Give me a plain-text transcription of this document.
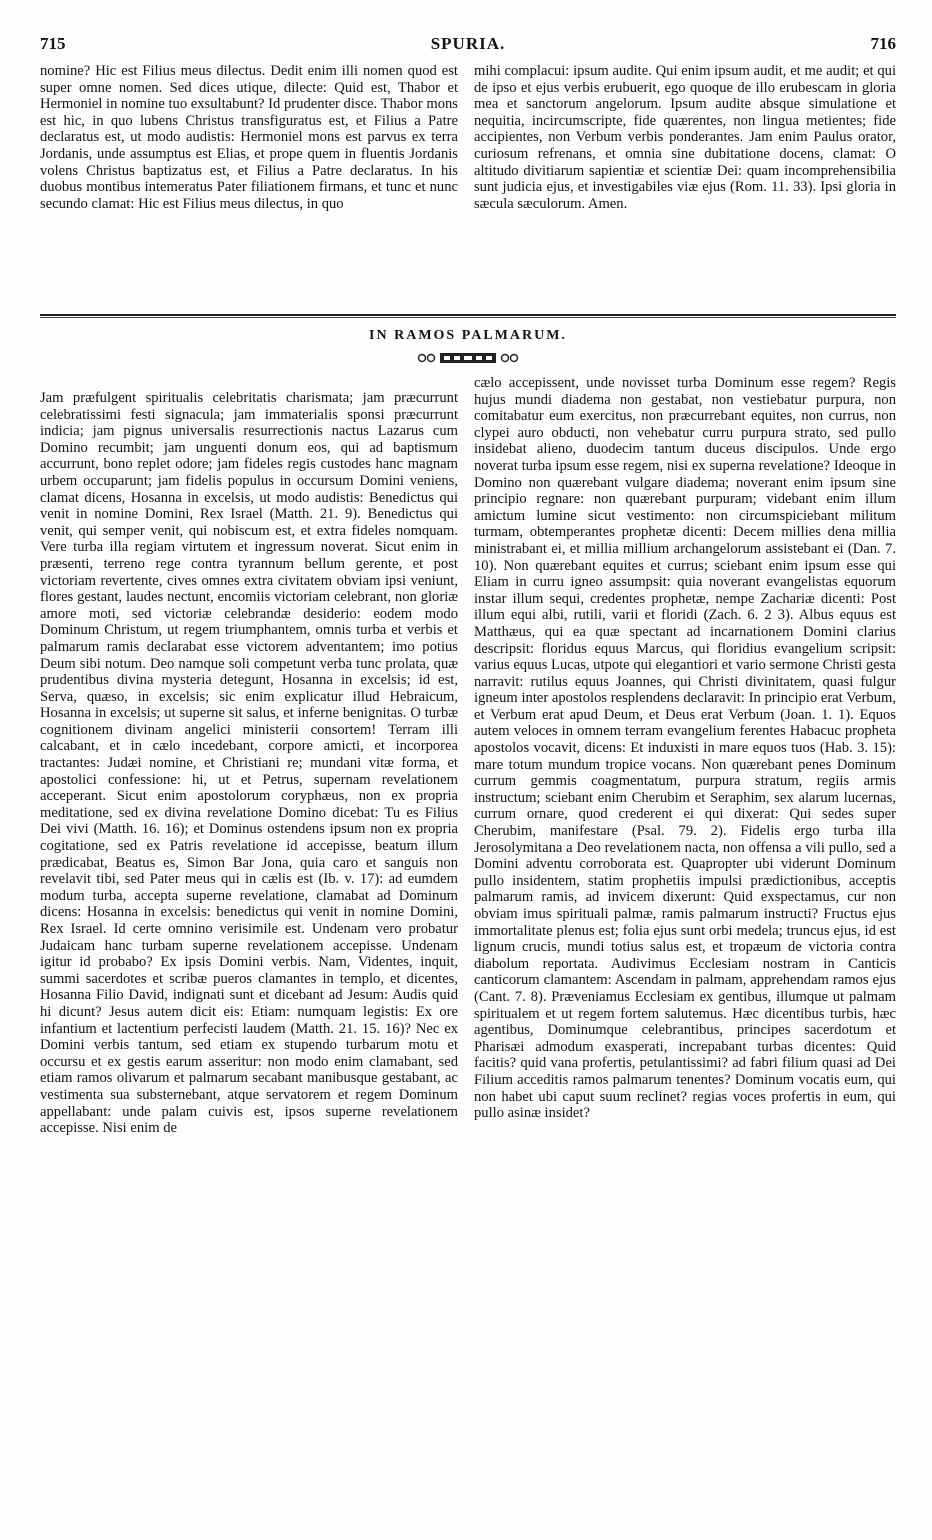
715	SPURIA.	716

nomine? Hic est Filius meus dilectus. Dedit enim illi nomen quod est super omne nomen. Sed dices utique, dilecte: Quid est, Thabor et Hermoniel in nomine tuo exsultabunt? Id prudenter disce. Thabor mons est hic, in quo lubens Christus transfiguratus est, et Filius a Patre declaratus est, ut modo audistis: Hermoniel mons est parvus ex terra Jordanis, unde assumptus est Elias, et prope quem in fluentis Jordanis volens Christus baptizatus est, et Filius a Patre declaratus. In his duobus montibus intemeratus Pater filiationem firmans, et tunc et nunc secundo clamat: Hic est Filius meus dilectus, in quo

mihi complacui: ipsum audite. Qui enim ipsum audit, et me audit; et qui de ipso et ejus verbis erubuerit, ego quoque de illo erubescam in gloria mea et sanctorum angelorum. Ipsum audite absque simulatione et nequitia, incircumscripte, fide quærentes, non lingua metientes; fide accipientes, non Verbum verbis ponderantes. Jam enim Paulus orator, curiosum refrenans, et omnia sine dubitatione docens, clamat: O altitudo divitiarum sapientiæ et scientiæ Dei: quam incomprehensibilia sunt judicia ejus, et investigabiles viæ ejus (Rom. 11. 33). Ipsi gloria in sæcula sæculorum. Amen.

IN RAMOS PALMARUM.

Jam præfulgent spiritualis celebritatis charismata; jam præcurrunt celebratissimi festi signacula; jam immaterialis sponsi præcurrunt indicia; jam pignus universalis resurrectionis nactus Lazarus cum Domino recumbit; jam unguenti donum eos, qui ad baptismum accurrunt, bono replet odore; jam fideles regis custodes hanc magnam urbem occuparunt; jam fidelis populus in occursum Domini veniens, clamat dicens, Hosanna in excelsis, ut modo audistis: Benedictus qui venit in nomine Domini, Rex Israel (Matth. 21. 9). Benedictus qui venit, qui semper venit, qui nobiscum est, et extra fideles nomquam. Vere turba illa regiam virtutem et ingressum noverat. Sicut enim in præsenti, terreno rege contra tyrannum bellum gerente, et post victoriam revertente, cives omnes extra civitatem obviam ipsi veniunt, flores gestant, laudes nectunt, encomiis victoriam celebrant, non gloriæ amore moti, sed victoriæ celebrandæ desiderio: eodem modo Dominum Christum, ut regem triumphantem, omnis turba et verbis et palmarum ramis declarabat esse victorem adventantem; imo potius Deum sibi notum. Deo namque soli competunt verba tunc prolata, quæ prudentibus divina mysteria detegunt, Hosanna in excelsis; id est, Serva, quæso, in excelsis; sic enim explicatur illud Hebraicum, Hosanna in excelsis; ut superne sit salus, et inferne benignitas. O turbæ cognitionem divinam angelici ministerii consortem! Terram illi calcabant, et in cælo incedebant, corpore amicti, et incorporea tractantes: Judæi nomine, et Christiani re; mundani vitæ forma, et apostolici confessione: hi, ut et Petrus, supernam revelationem acceperant. Sicut enim apostolorum coryphæus, non ex propria meditatione, sed ex divina revelatione Domino dicebat: Tu es Filius Dei vivi (Matth. 16. 16); et Dominus ostendens ipsum non ex propria cogitatione, sed ex Patris revelatione id accepisse, beatum illum prædicabat, Beatus es, Simon Bar Jona, quia caro et sanguis non revelavit tibi, sed Pater meus qui in cælis est (Ib. v. 17): ad eumdem modum turba, accepta superne revelatione, clamabat ad Dominum dicens: Hosanna in excelsis: benedictus qui venit in nomine Domini, Rex Israel. Id certe omnino verisimile est. Undenam vero probatur Judaicam hanc turbam superne revelationem accepisse. Undenam igitur id probabo? Ex ipsis Domini verbis. Nam, Videntes, inquit, summi sacerdotes et scribæ pueros clamantes in templo, et dicentes, Hosanna Filio David, indignati sunt et dicebant ad Jesum: Audis quid hi dicunt? Jesus autem dicit eis: Etiam: numquam legistis: Ex ore infantium et lactentium perfecisti laudem (Matth. 21. 15. 16)? Nec ex Domini verbis tantum, sed etiam ex stupendo turbarum motu et occursu et ex gestis earum asseritur: non modo enim clamabant, sed etiam ramos olivarum et palmarum secabant manibusque gestabant, ac vestimenta sua substernebant, atque servatorem et regem Dominum appellabant: unde palam cuivis est, ipsos superne revelationem accepisse. Nisi enim de

cælo accepissent, unde novisset turba Dominum esse regem? Regis hujus mundi diadema non gestabat, non vestiebatur purpura, non comitabatur eum exercitus, non præcurrebant equites, non currus, non clypei auro obducti, non vehebatur curru purpura strato, sed pullo insidebat alieno, duodecim tantum duceus discipulos. Unde ergo noverat turba ipsum esse regem, nisi ex superna revelatione? Ideoque in Domino non quærebant vulgare diadema; noverant enim ipsum sine principio regnare: non quærebant purpuram; videbant enim illum amictum lumine sicut vestimento: non circumspiciebant militum turmam, obtemperantes prophetæ dicenti: Decem millies dena millia ministrabant ei, et millia millium archangelorum assistebant ei (Dan. 7. 10). Non quærebant equites et currus; sciebant enim ipsum esse qui Eliam in curru igneo assumpsit: quia noverant evangelistas equorum instar illum sequi, credentes prophetæ, nempe Zachariæ dicenti: Post illum equi albi, rutili, varii et floridi (Zach. 6. 2 3). Albus equus est Matthæus, qui ea quæ spectant ad incarnationem Domini clarius descripsit: floridus equus Marcus, qui floridius evangelium scripsit: varius equus Lucas, utpote qui elegantiori et vario sermone Christi gesta narravit: rutilus equus Joannes, qui Christi divinitatem, quasi fulgur igneum inter apostolos resplendens declaravit: In principio erat Verbum, et Verbum erat apud Deum, et Deus erat Verbum (Joan. 1. 1). Equos autem veloces in omnem terram evangelium ferentes Habacuc propheta apostolos vocavit, dicens: Et induxisti in mare equos tuos (Hab. 3. 15): mare totum mundum tropice vocans. Non quærebant penes Dominum currum gemmis coagmentatum, purpura stratum, regiis armis instructum; sciebant enim Cherubim et Seraphim, sex alarum lucernas, currum ornare, quod crederent ei qui dixerat: Qui sedes super Cherubim, manifestare (Psal. 79. 2). Fidelis ergo turba illa Jerosolymitana a Deo revelationem nacta, non offensa a vili pullo, sed a Domini adventu corroborata est. Quapropter ubi viderunt Dominum pullo insidentem, statim prophetiis impulsi prædictionibus, acceptis palmarum ramis, ad invicem dixerunt: Quid exspectamus, cur non obviam imus spirituali palmæ, ramis palmarum instructi? Fructus ejus immortalitate plenus est; folia ejus sunt orbi medela; truncus ejus, id est lignum crucis, mundi totius salus est, et tropæum de victoria contra diabolum reportata. Audivimus Ecclesiam nostram in Canticis canticorum clamantem: Ascendam in palmam, apprehendam ramos ejus (Cant. 7. 8). Præveniamus Ecclesiam ex gentibus, illumque ut palmam spiritualem et ut regem fortem salutemus. Hæc dicentibus turbis, hæc agentibus, Dominumque celebrantibus, principes sacerdotum et Pharisæi admodum exasperati, increpabant turbas dicentes: Quid facitis? quid vana profertis, petulantissimi? ad fabri filium quasi ad Dei Filium acceditis ramos palmarum tenentes? Dominum vocatis eum, qui non habet ubi caput suum reclinet? regias voces profertis in eum, qui pullo asinæ insidet?
